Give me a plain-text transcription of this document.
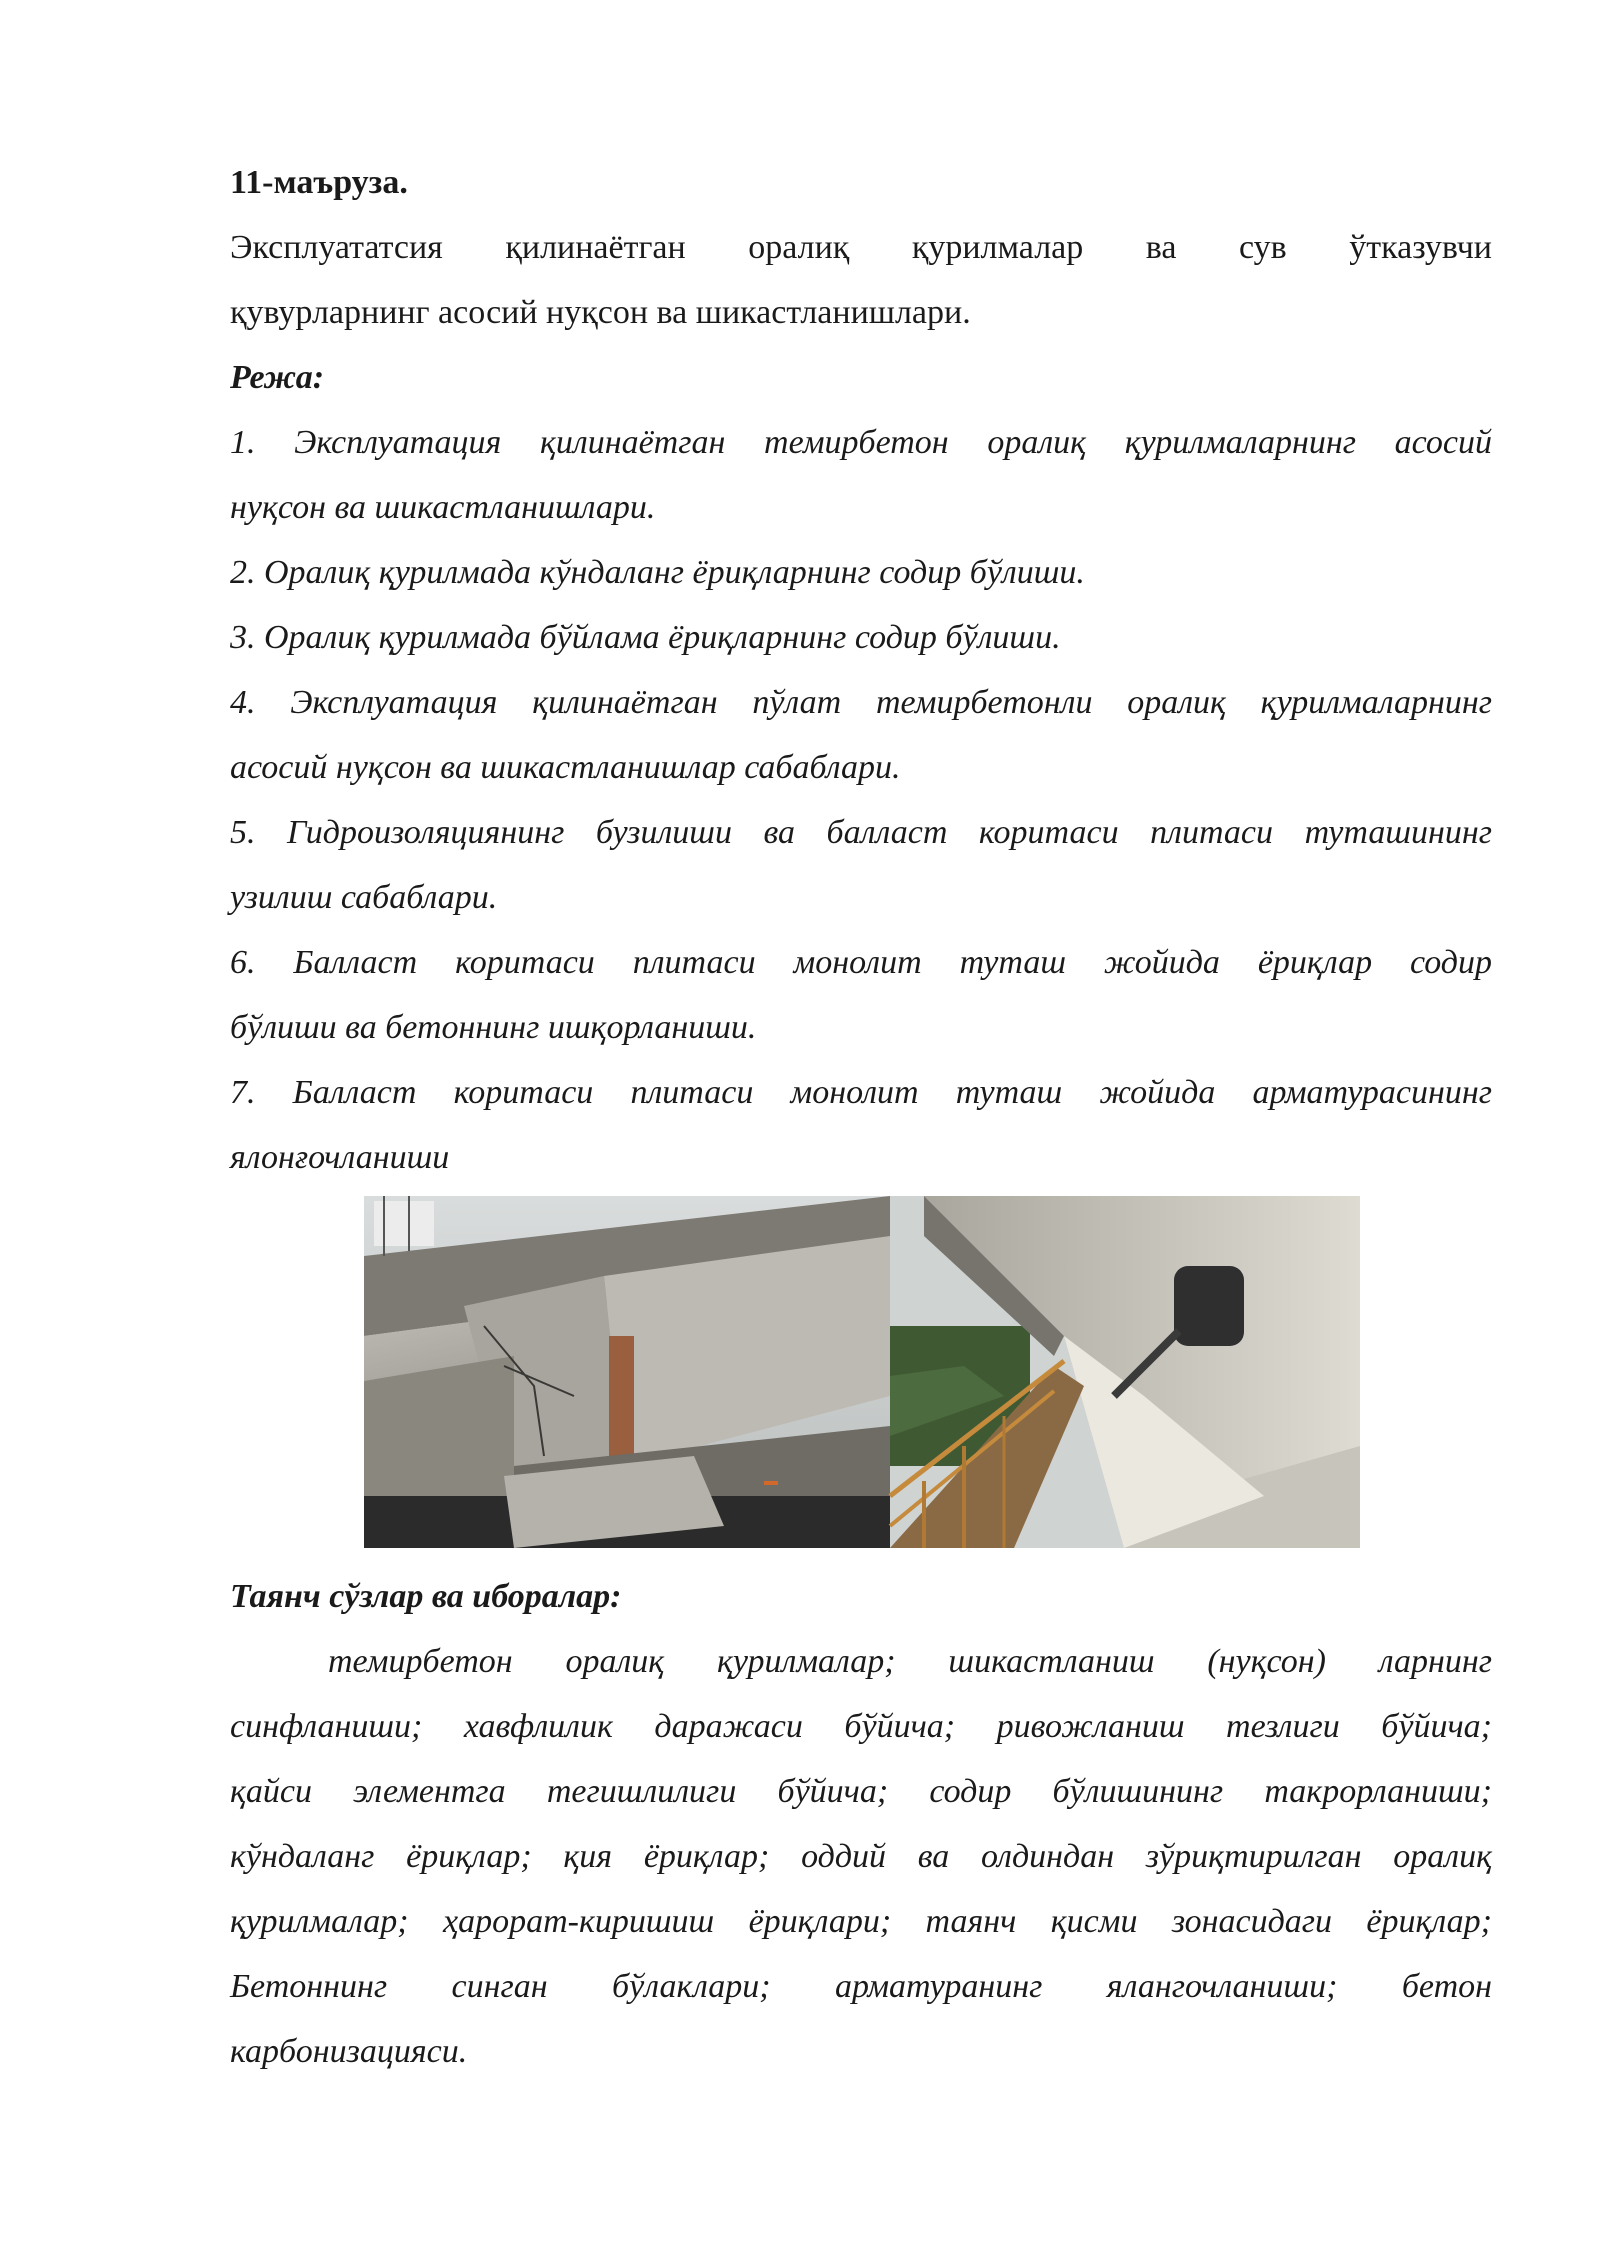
11-маъруза.

Эксплуататсия қилинаётган оралиқ қурилмалар ва сув ўтказувчи

қувурларнинг асосий нуқсон ва шикастланишлари.

Режа:

1. Эксплуатация қилинаётган темирбетон оралиқ қурилмаларнинг асосий

нуқсон ва шикастланишлари.

2. Оралиқ қурилмада кўндаланг ёриқларнинг содир бўлиши.

3. Оралиқ қурилмада бўйлама ёриқларнинг содир бўлиши.

4. Эксплуатация қилинаётган пўлат темирбетонли оралиқ қурилмаларнинг

асосий нуқсон ва шикастланишлар сабаблари.

5. Гидроизоляциянинг бузилиши ва балласт коритаси плитаси туташининг

узилиш сабаблари.

6. Балласт коритаси плитаси монолит туташ жойида ёриқлар содир

бўлиши ва бетоннинг ишқорланиши.

7. Балласт коритаси плитаси монолит туташ жойида арматурасининг

ялонғочланиши

Таянч сўзлар ва иборалар:

темирбетон оралиқ қурилмалар; шикастланиш (нуқсон) ларнинг

синфланиши; хавфлилик даражаси бўйича; ривожланиш тезлиги бўйича;

қайси элементга тегишлилиги бўйича; содир бўлишининг такрорланиши;

кўндаланг ёриқлар; қия ёриқлар; оддий ва олдиндан зўриқтирилган оралиқ

қурилмалар; ҳарорат-киришиш ёриқлари; таянч қисми зонасидаги ёриқлар;

Бетоннинг синган бўлаклари; арматуранинг ялангочланиши; бетон

карбонизацияси.
